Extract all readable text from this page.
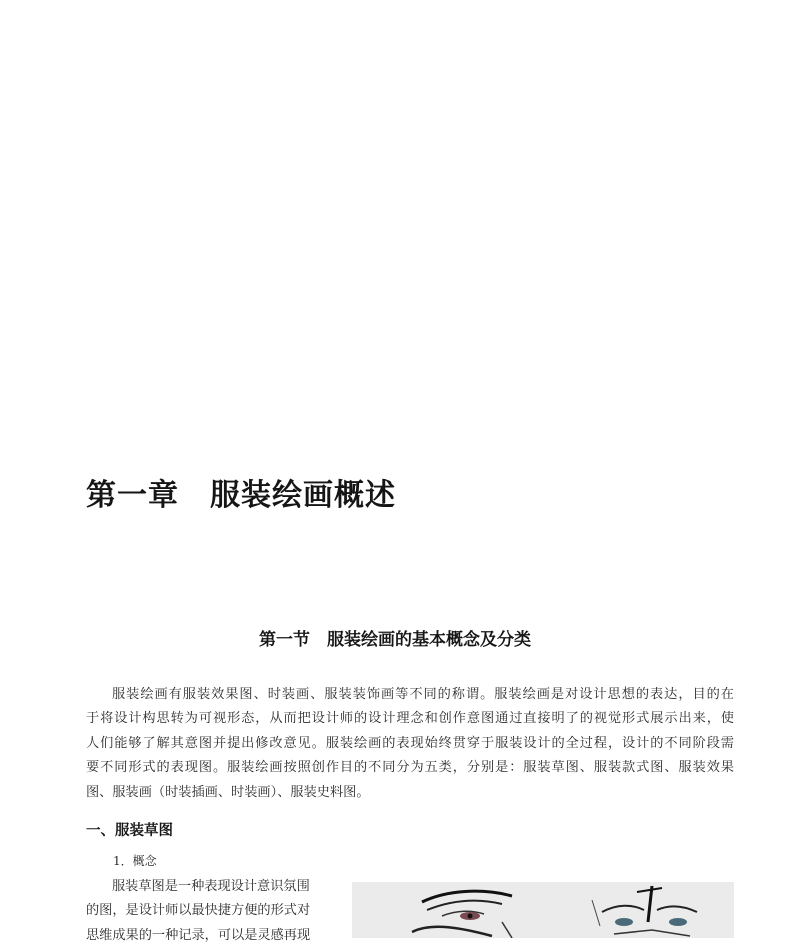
第一章　服装绘画概述
第一节　服装绘画的基本概念及分类
服装绘画有服装效果图、时装画、服装装饰画等不同的称谓。服装绘画是对设计思想的表达，目的在
于将设计构思转为可视形态，从而把设计师的设计理念和创作意图通过直接明了的视觉形式展示出来，使
人们能够了解其意图并提出修改意见。服装绘画的表现始终贯穿于服装设计的全过程，设计的不同阶段需
要不同形式的表现图。服装绘画按照创作目的不同分为五类，分别是：服装草图、服装款式图、服装效果
图、服装画（时装插画、时装画）、服装史料图。
一、服装草图
1．概念
服装草图是一种表现设计意识氛围
的图，是设计师以最快捷方便的形式对
思维成果的一种记录，可以是灵感再现
